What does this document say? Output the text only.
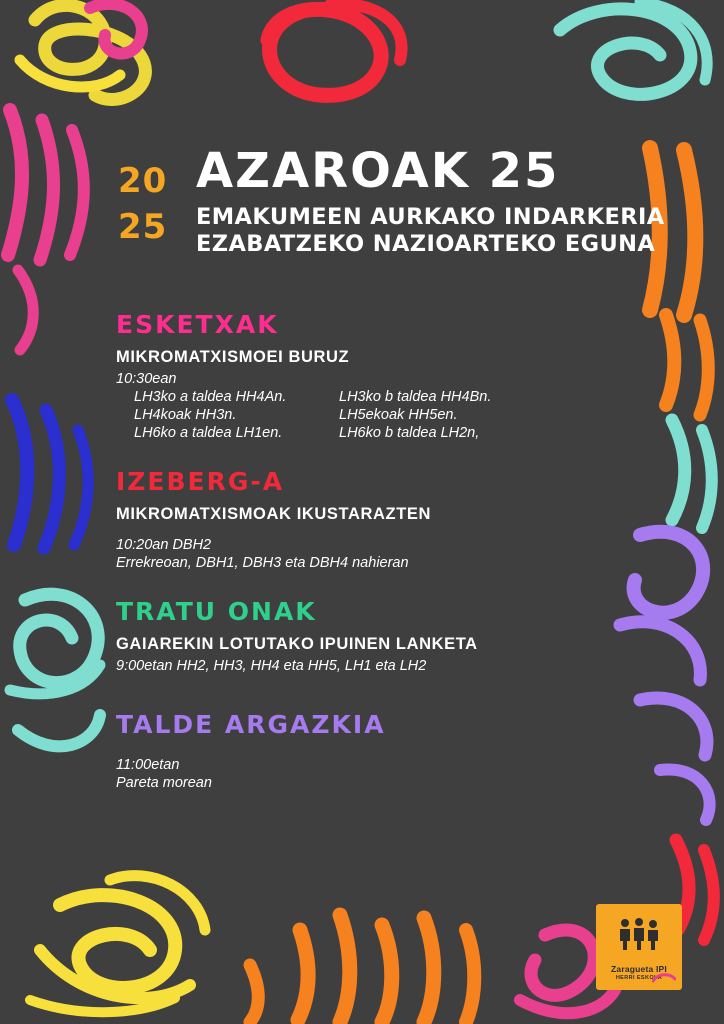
20
25
AZAROAK 25
EMAKUMEEN AURKAKO INDARKERIA
EZABATZEKO NAZIOARTEKO EGUNA
ESKETXAK
MIKROMATXISMOEI BURUZ
10:30ean
LH3ko a taldea HH4An.	LH3ko b taldea HH4Bn.
LH4koak HH3n.	LH5ekoak HH5en.
LH6ko a taldea LH1en.	LH6ko b taldea LH2n,
IZEBERG-A
MIKROMATXISMOAK IKUSTARAZTEN
10:20an DBH2
Errekreoan, DBH1, DBH3 eta DBH4 nahieran
TRATU ONAK
GAIAREKIN LOTUTAKO IPUINEN LANKETA
9:00etan HH2, HH3, HH4 eta HH5, LH1 eta LH2
TALDE ARGAZKIA
11:00etan
Pareta morean
Zaragueta IPI
HERRI ESKOLA
